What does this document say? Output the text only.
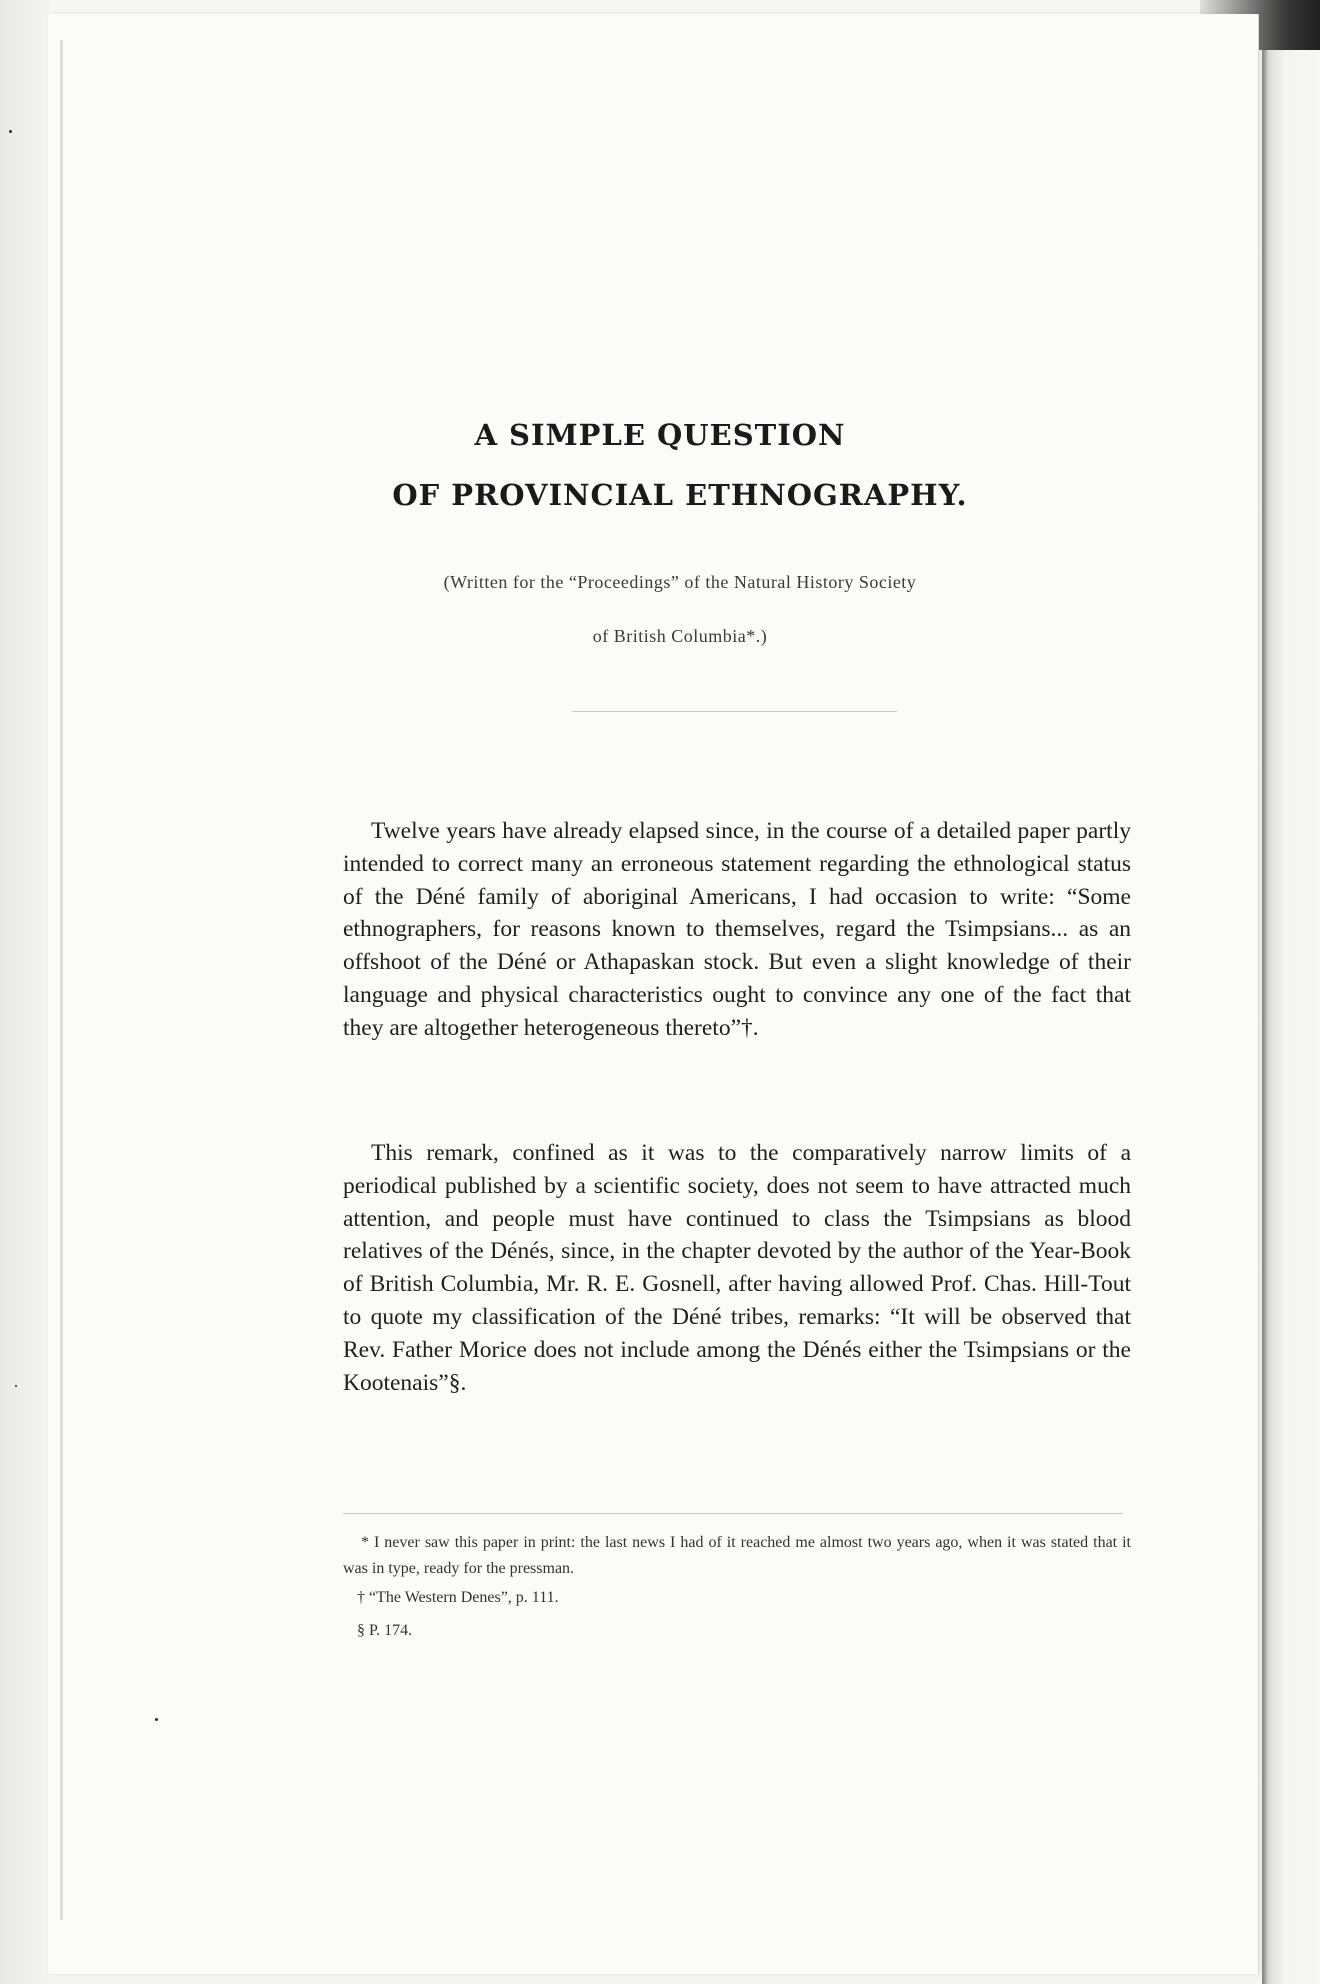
A SIMPLE QUESTION
OF PROVINCIAL ETHNOGRAPHY.
(Written for the “Proceedings” of the Natural History Society
of British Columbia*.)

Twelve years have already elapsed since, in the course of a detailed paper partly intended to correct many an erroneous statement regarding the ethnological status of the Déné family of aboriginal Americans, I had occasion to write: “Some ethnographers, for reasons known to themselves, regard the Tsimpsians... as an offshoot of the Déné or Athapaskan stock. But even a slight knowledge of their language and physical characteristics ought to convince any one of the fact that they are altogether heterogeneous thereto”†.

This remark, confined as it was to the comparatively narrow limits of a periodical published by a scientific society, does not seem to have attracted much attention, and people must have continued to class the Tsimpsians as blood relatives of the Dénés, since, in the chapter devoted by the author of the Year-Book of British Columbia, Mr. R. E. Gosnell, after having allowed Prof. Chas. Hill-Tout to quote my classification of the Déné tribes, remarks: “It will be observed that Rev. Father Morice does not include among the Dénés either the Tsimpsians or the Kootenais”§.

* I never saw this paper in print: the last news I had of it reached me almost two years ago, when it was stated that it was in type, ready for the pressman.

† “The Western Denes”, p. 111.

§ P. 174.
